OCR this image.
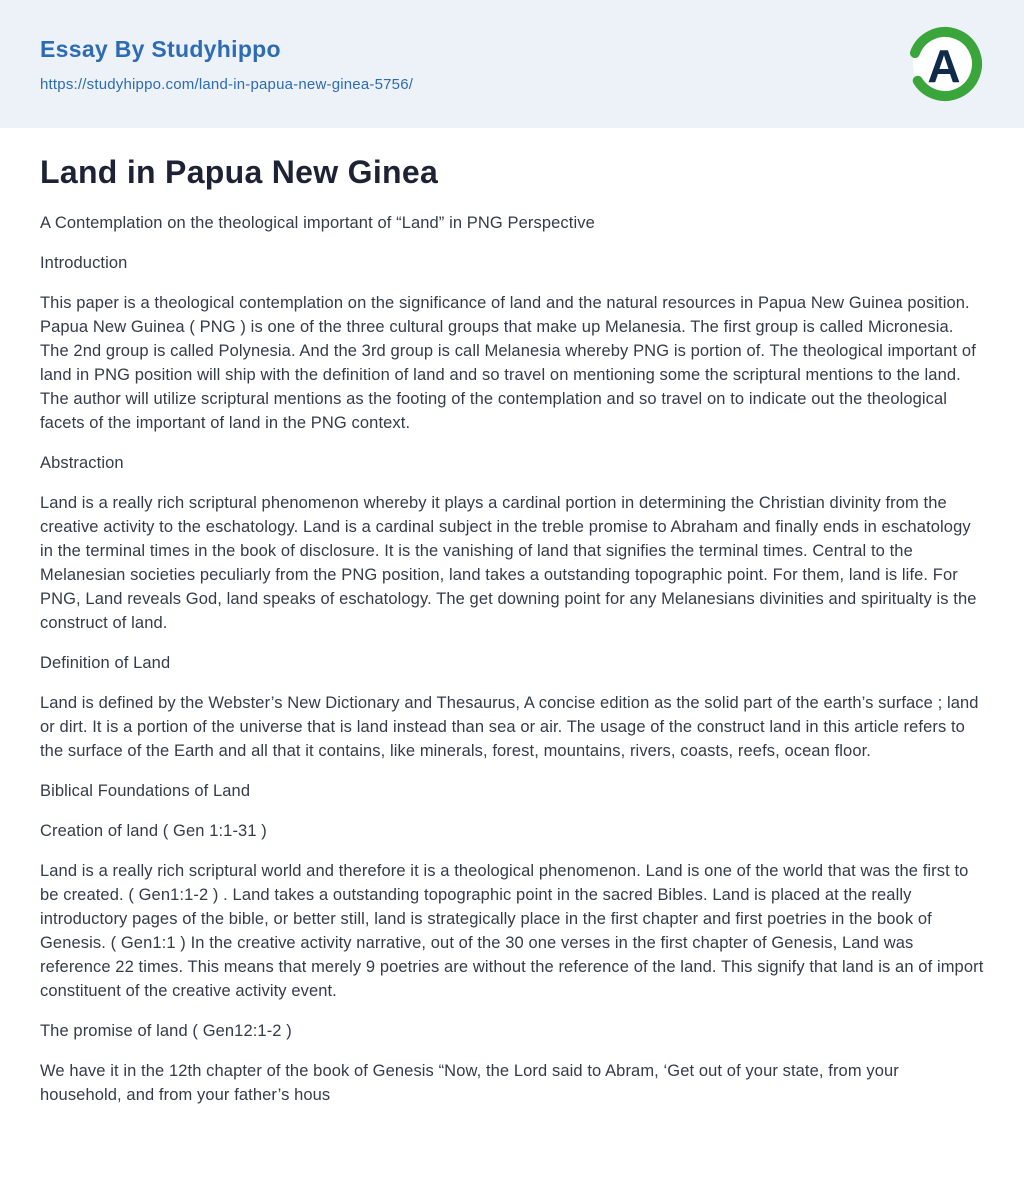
Essay By Studyhippo
https://studyhippo.com/land-in-papua-new-ginea-5756/	A
Land in Papua New Ginea

A Contemplation on the theological important of “Land” in PNG Perspective

Introduction

This paper is a theological contemplation on the significance of land and the natural resources in Papua New Guinea position. Papua New Guinea ( PNG ) is one of the three cultural groups that make up Melanesia. The first group is called Micronesia. The 2nd group is called Polynesia. And the 3rd group is call Melanesia whereby PNG is portion of. The theological important of land in PNG position will ship with the definition of land and so travel on mentioning some the scriptural mentions to the land. The author will utilize scriptural mentions as the footing of the contemplation and so travel on to indicate out the theological facets of the important of land in the PNG context.

Abstraction

Land is a really rich scriptural phenomenon whereby it plays a cardinal portion in determining the Christian divinity from the creative activity to the eschatology. Land is a cardinal subject in the treble promise to Abraham and finally ends in eschatology in the terminal times in the book of disclosure. It is the vanishing of land that signifies the terminal times. Central to the Melanesian societies peculiarly from the PNG position, land takes a outstanding topographic point. For them, land is life. For PNG, Land reveals God, land speaks of eschatology. The get downing point for any Melanesians divinities and spiritualty is the construct of land.

Definition of Land

Land is defined by the Webster’s New Dictionary and Thesaurus, A concise edition as the solid part of the earth’s surface ; land or dirt. It is a portion of the universe that is land instead than sea or air. The usage of the construct land in this article refers to the surface of the Earth and all that it contains, like minerals, forest, mountains, rivers, coasts, reefs, ocean floor.

Biblical Foundations of Land

Creation of land ( Gen 1:1-31 )

Land is a really rich scriptural world and therefore it is a theological phenomenon. Land is one of the world that was the first to be created. ( Gen1:1-2 ) . Land takes a outstanding topographic point in the sacred Bibles. Land is placed at the really introductory pages of the bible, or better still, land is strategically place in the first chapter and first poetries in the book of Genesis. ( Gen1:1 ) In the creative activity narrative, out of the 30 one verses in the first chapter of Genesis, Land was reference 22 times. This means that merely 9 poetries are without the reference of the land. This signify that land is an of import constituent of the creative activity event.

The promise of land ( Gen12:1-2 )

We have it in the 12th chapter of the book of Genesis “Now, the Lord said to Abram, ‘Get out of your state, from your household, and from your father’s hous
